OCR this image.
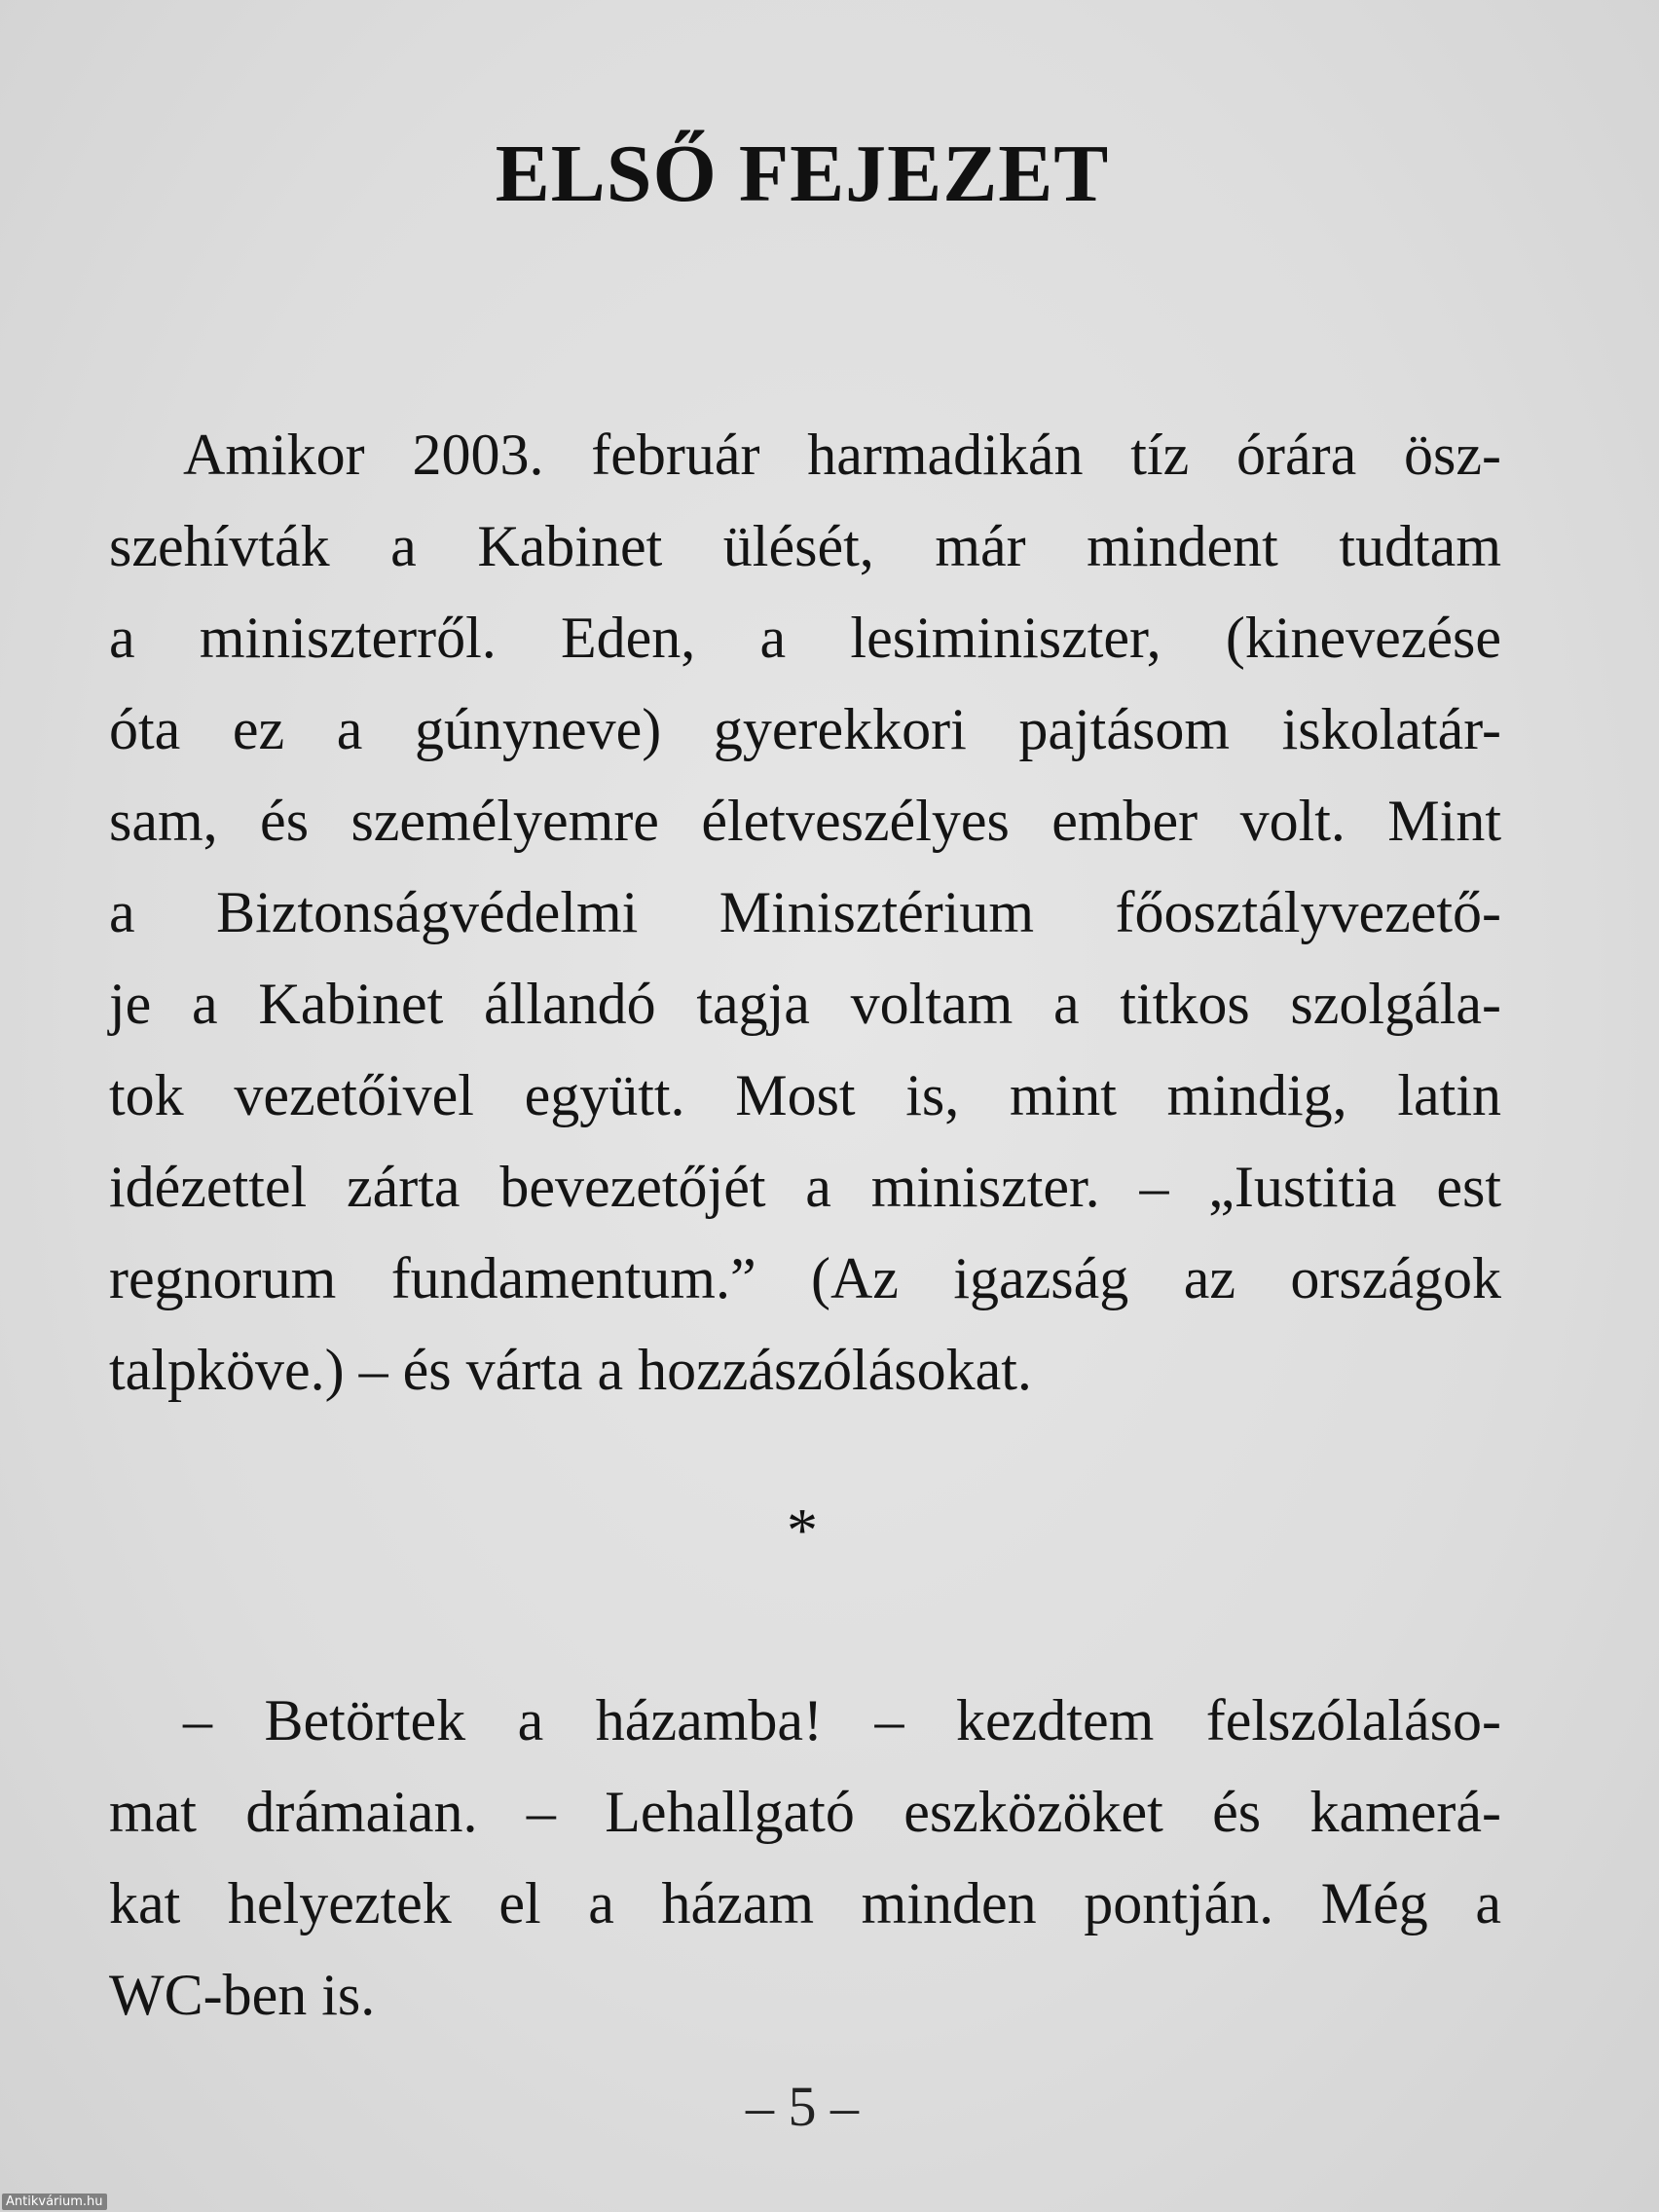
ELSŐ FEJEZET
Amikor 2003. február harmadikán tíz órára ösz-
szehívták a Kabinet ülését, már mindent tudtam
a miniszterről. Eden, a lesiminiszter, (kinevezése
óta ez a gúnyneve) gyerekkori pajtásom iskolatár-
sam, és személyemre életveszélyes ember volt. Mint
a Biztonságvédelmi Minisztérium főosztályvezető-
je a Kabinet állandó tagja voltam a titkos szolgála-
tok vezetőivel együtt. Most is, mint mindig, latin
idézettel zárta bevezetőjét a miniszter. – „Iustitia est
regnorum fundamentum.” (Az igazság az országok
talpköve.) – és várta a hozzászólásokat.
*
– Betörtek a házamba! – kezdtem felszólaláso-
mat drámaian. – Lehallgató eszközöket és kamerá-
kat helyeztek el a házam minden pontján. Még a
WC-ben is.
– 5 –
Antikvárium.hu
